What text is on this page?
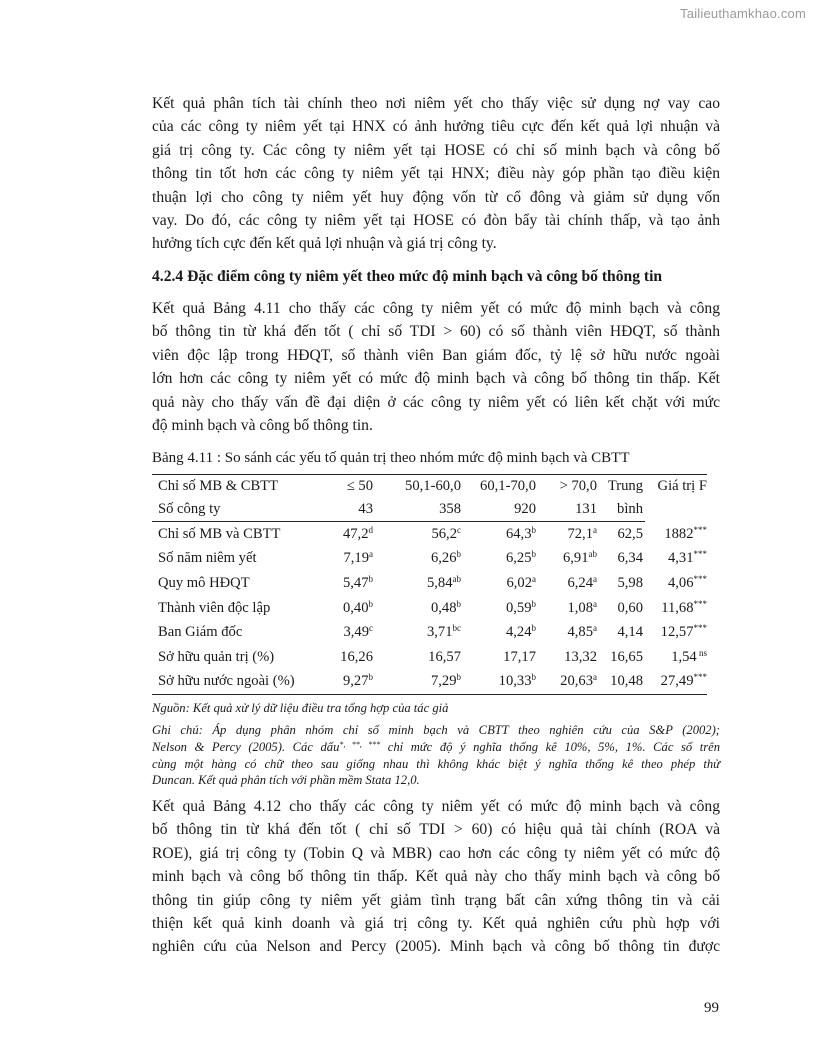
Tailieuthamkhao.com

Kết quả phân tích tài chính theo nơi niêm yết cho thấy việc sử dụng nợ vay cao
của các công ty niêm yết tại HNX có ảnh hưởng tiêu cực đến kết quả lợi nhuận và
giá trị công ty. Các công ty niêm yết tại HOSE có chỉ số minh bạch và công bố
thông tin tốt hơn các công ty niêm yết tại HNX; điều này góp phần tạo điều kiện
thuận lợi cho công ty niêm yết huy động vốn từ cổ đông và giảm sử dụng vốn
vay. Do đó, các công ty niêm yết tại HOSE có đòn bẩy tài chính thấp, và tạo ảnh
hưởng tích cực đến kết quả lợi nhuận và giá trị công ty.

4.2.4 Đặc điểm công ty niêm yết theo mức độ minh bạch và công bố thông tin

Kết quả Bảng 4.11 cho thấy các công ty niêm yết có mức độ minh bạch và công
bố thông tin từ khá đến tốt ( chỉ số TDI > 60) có số thành viên HĐQT, số thành
viên độc lập trong HĐQT, số thành viên Ban giám đốc, tỷ lệ sở hữu nước ngoài
lớn hơn các công ty niêm yết có mức độ minh bạch và công bố thông tin thấp. Kết
quả này cho thấy vấn đề đại diện ở các công ty niêm yết có liên kết chặt với mức
độ minh bạch và công bố thông tin.

Bảng 4.11 : So sánh các yếu tố quản trị theo nhóm mức độ minh bạch và CBTT

Chỉ số MB & CBTT	≤ 50	50,1-60,0	60,1-70,0	> 70,0	Trung	Giá trị F
Số công ty	43	358	920	131	bình	
Chỉ số MB và CBTT	47,2$^d$	56,2$^c$	64,3$^b$	72,1$^a$	62,5	1882***
Số năm niêm yết	7,19$^a$	6,26$^b$	6,25$^b$	6,91$^{ab}$	6,34	4,31***
Quy mô HĐQT	5,47$^b$	5,84$^{ab}$	6,02$^a$	6,24$^a$	5,98	4,06***
Thành viên độc lập	0,40$^b$	0,48$^b$	0,59$^b$	1,08$^a$	0,60	11,68***
Ban Giám đốc	3,49$^c$	3,71$^{bc}$	4,24$^b$	4,85$^a$	4,14	12,57***
Sở hữu quản trị (%)	16,26	16,57	17,17	13,32	16,65	1,54 $^{ns}$
Sở hữu nước ngoài (%)	9,27$^b$	7,29$^b$	10,33$^b$	20,63$^a$	10,48	27,49***

Nguồn: Kết quả xử lý dữ liệu điều tra tổng hợp của tác giả

Ghi chú: Áp dụng phân nhóm chỉ số minh bạch và CBTT theo nghiên cứu của S&P (2002);
Nelson & Percy (2005). Các dấu*, **, *** chỉ mức độ ý nghĩa thống kê 10%, 5%, 1%. Các số trên
cùng một hàng có chữ theo sau giống nhau thì không khác biệt ý nghĩa thống kê theo phép thử
Duncan. Kết quả phân tích với phần mềm Stata 12,0.

Kết quả Bảng 4.12 cho thấy các công ty niêm yết có mức độ minh bạch và công
bố thông tin từ khá đến tốt ( chỉ số TDI > 60) có hiệu quả tài chính (ROA và
ROE), giá trị công ty (Tobin Q và MBR) cao hơn các công ty niêm yết có mức độ
minh bạch và công bố thông tin thấp. Kết quả này cho thấy minh bạch và công bố
thông tin giúp công ty niêm yết giảm tình trạng bất cân xứng thông tin và cải
thiện kết quả kinh doanh và giá trị công ty. Kết quả nghiên cứu phù hợp với
nghiên cứu của Nelson and Percy (2005). Minh bạch và công bố thông tin được

99
